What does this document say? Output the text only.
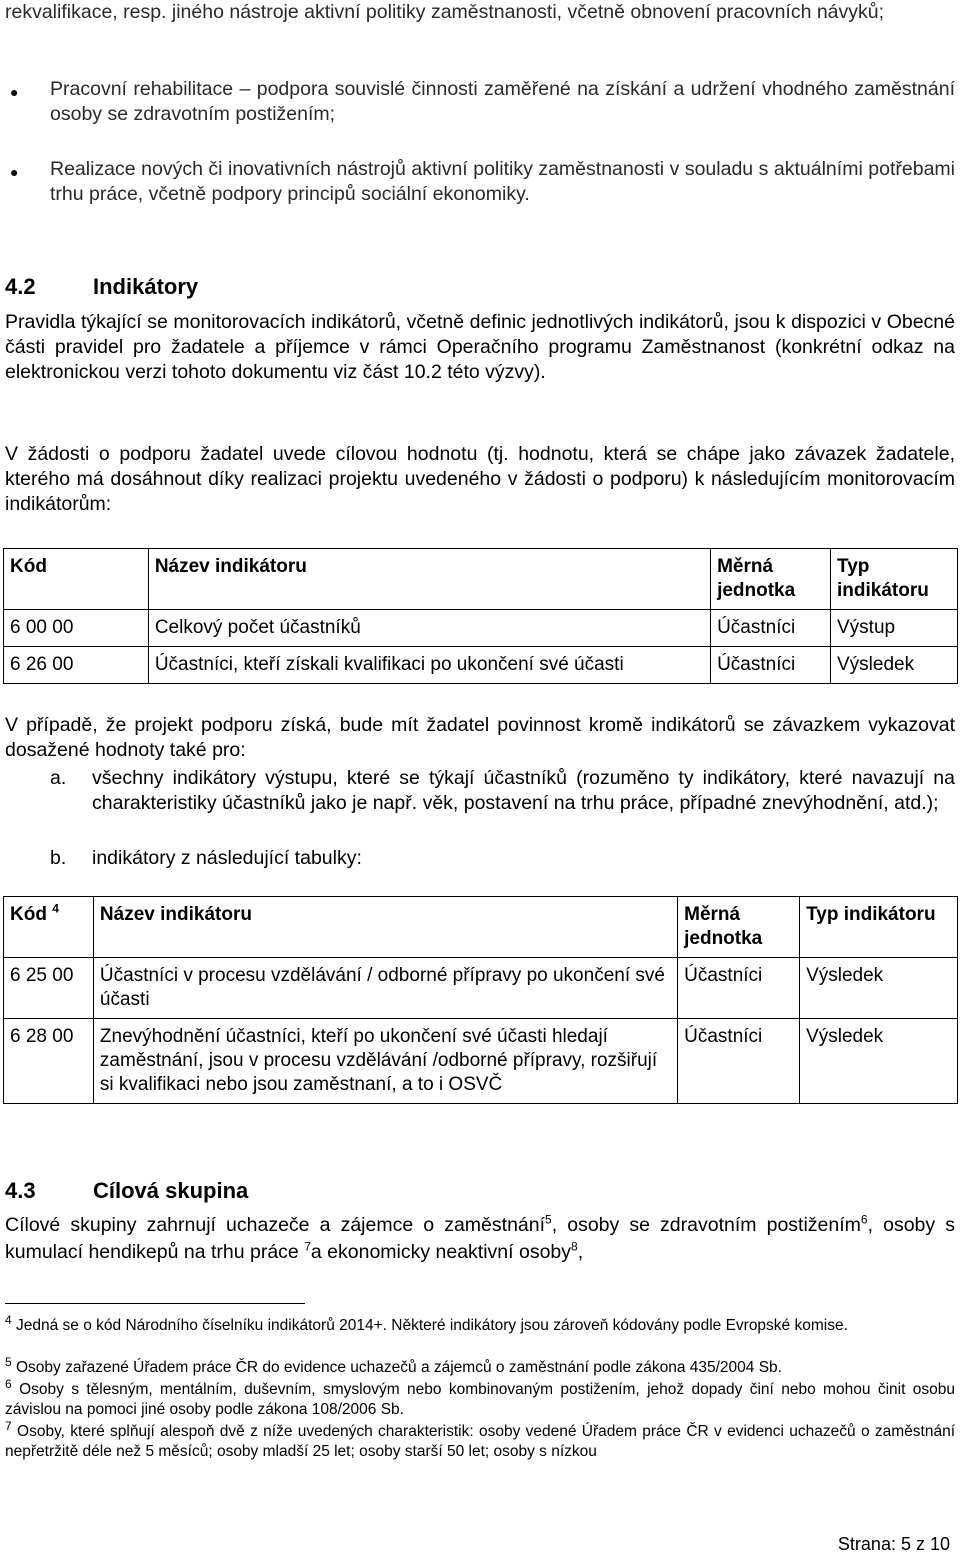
rekvalifikace, resp. jiného nástroje aktivní politiky zaměstnanosti, včetně obnovení pracovních návyků;

● Pracovní rehabilitace – podpora souvislé činnosti zaměřené na získání a udržení vhodného zaměstnání osoby se zdravotním postižením;

● Realizace nových či inovativních nástrojů aktivní politiky zaměstnanosti v souladu s aktuálními potřebami trhu práce, včetně podpory principů sociální ekonomiky.

4.2	Indikátory

Pravidla týkající se monitorovacích indikátorů, včetně definic jednotlivých indikátorů, jsou k dispozici v Obecné části pravidel pro žadatele a příjemce v rámci Operačního programu Zaměstnanost (konkrétní odkaz na elektronickou verzi tohoto dokumentu viz část 10.2 této výzvy).

V žádosti o podporu žadatel uvede cílovou hodnotu (tj. hodnotu, která se chápe jako závazek žadatele, kterého má dosáhnout díky realizaci projektu uvedeného v žádosti o podporu) k následujícím monitorovacím indikátorům:

Kód	Název indikátoru	Měrná jednotka	Typ indikátoru
6 00 00	Celkový počet účastníků	Účastníci	Výstup
6 26 00	Účastníci, kteří získali kvalifikaci po ukončení své účasti	Účastníci	Výsledek

V případě, že projekt podporu získá, bude mít žadatel povinnost kromě indikátorů se závazkem vykazovat dosažené hodnoty také pro:

a. všechny indikátory výstupu, které se týkají účastníků (rozuměno ty indikátory, které navazují na charakteristiky účastníků jako je např. věk, postavení na trhu práce, případné znevýhodnění, atd.);
b. indikátory z následující tabulky:
Kód $^4$	Název indikátoru	Měrná jednotka	Typ indikátoru
6 25 00	Účastníci v procesu vzdělávání / odborné přípravy po ukončení své účasti	Účastníci	Výsledek
6 28 00	Znevýhodnění účastníci, kteří po ukončení své účasti hledají zaměstnání, jsou v procesu vzdělávání /odborné přípravy, rozšiřují si kvalifikaci nebo jsou zaměstnaní, a to i OSVČ	Účastníci	Výsledek
4.3	Cílová skupina

Cílové skupiny zahrnují uchazeče a zájemce o zaměstnání$^5$, osoby se zdravotním postižením$^6$, osoby s kumulací hendikepů na trhu práce $^7$a ekonomicky neaktivní osoby$^8$,

$^4$ Jedná se o kód Národního číselníku indikátorů 2014+. Některé indikátory jsou zároveň kódovány podle Evropské komise.

$^5$ Osoby zařazené Úřadem práce ČR do evidence uchazečů a zájemců o zaměstnání podle zákona 435/2004 Sb.

$^6$ Osoby s tělesným, mentálním, duševním, smyslovým nebo kombinovaným postižením, jehož dopady činí nebo mohou činit osobu závislou na pomoci jiné osoby podle zákona 108/2006 Sb.

$^7$ Osoby, které splňují alespoň dvě z níže uvedených charakteristik: osoby vedené Úřadem práce ČR v evidenci uchazečů o zaměstnání nepřetržitě déle než 5 měsíců; osoby mladší 25 let; osoby starší 50 let; osoby s nízkou

Strana: 5 z 10
